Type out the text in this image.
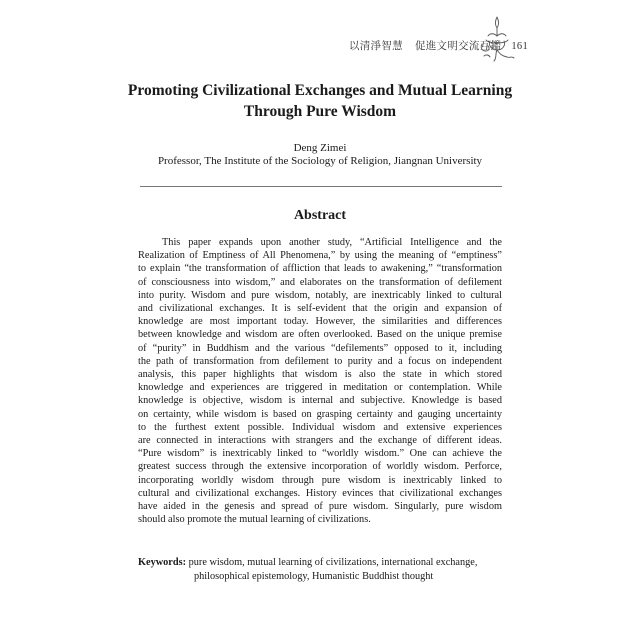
以清淨智慧 促進文明交流互鑑 161
Promoting Civilizational Exchanges and Mutual Learning
Through Pure Wisdom
Deng Zimei
Professor, The Institute of the Sociology of Religion, Jiangnan University
Abstract

This paper expands upon another study, “Artificial Intelligence and the
Realization of Emptiness of All Phenomena,” by using the meaning of “emptiness”
to explain “the transformation of affliction that leads to awakening,” “transformation
of consciousness into wisdom,” and elaborates on the transformation of defilement
into purity. Wisdom and pure wisdom, notably, are inextricably linked to cultural
and civilizational exchanges. It is self-evident that the origin and expansion of
knowledge are most important today. However, the similarities and differences
between knowledge and wisdom are often overlooked. Based on the unique premise
of “purity” in Buddhism and the various “defilements” opposed to it, including
the path of transformation from defilement to purity and a focus on independent
analysis, this paper highlights that wisdom is also the state in which stored
knowledge and experiences are triggered in meditation or contemplation. While
knowledge is objective, wisdom is internal and subjective. Knowledge is based
on certainty, while wisdom is based on grasping certainty and gauging uncertainty
to the furthest extent possible. Individual wisdom and extensive experiences
are connected in interactions with strangers and the exchange of different ideas.
“Pure wisdom” is inextricably linked to “worldly wisdom.” One can achieve the
greatest success through the extensive incorporation of worldly wisdom. Perforce,
incorporating worldly wisdom through pure wisdom is inextricably linked to
cultural and civilizational exchanges. History evinces that civilizational exchanges
have aided in the genesis and spread of pure wisdom. Singularly, pure wisdom
should also promote the mutual learning of civilizations.

Keywords: pure wisdom, mutual learning of civilizations, international exchange,
philosophical epistemology, Humanistic Buddhist thought
